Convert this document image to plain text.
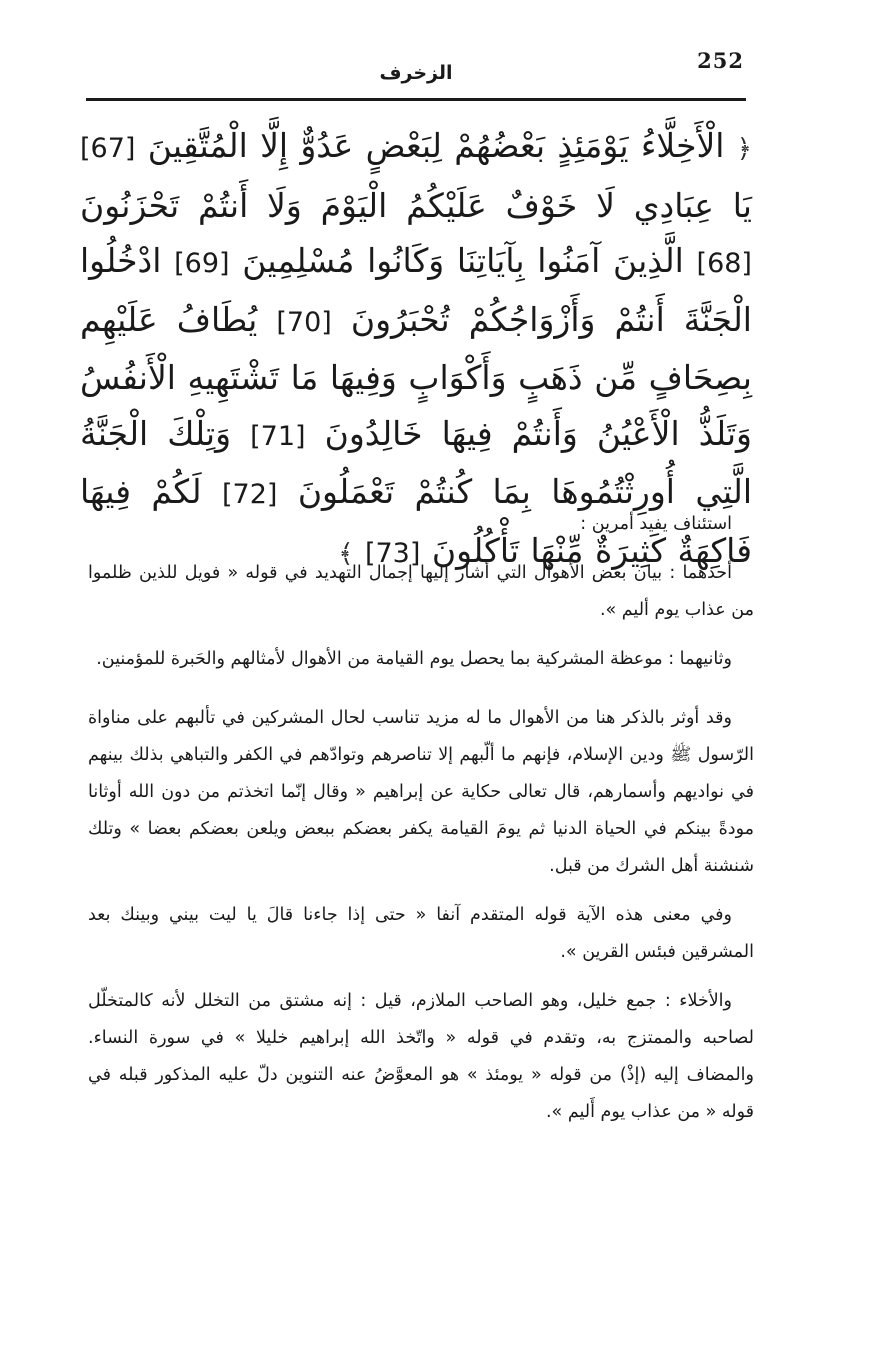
252
الزخرف
﴿ الْأَخِلَّاءُ يَوْمَئِذٍ بَعْضُهُمْ لِبَعْضٍ عَدُوٌّ إِلَّا الْمُتَّقِينَ [67] يَا عِبَادِي لَا خَوْفٌ عَلَيْكُمُ الْيَوْمَ وَلَا أَنتُمْ تَحْزَنُونَ [68] الَّذِينَ آمَنُوا بِآيَاتِنَا وَكَانُوا مُسْلِمِينَ [69] ادْخُلُوا الْجَنَّةَ أَنتُمْ وَأَزْوَاجُكُمْ تُحْبَرُونَ [70] يُطَافُ عَلَيْهِم بِصِحَافٍ مِّن ذَهَبٍ وَأَكْوَابٍ وَفِيهَا مَا تَشْتَهِيهِ الْأَنفُسُ وَتَلَذُّ الْأَعْيُنُ وَأَنتُمْ فِيهَا خَالِدُونَ [71] وَتِلْكَ الْجَنَّةُ الَّتِي أُورِثْتُمُوهَا بِمَا كُنتُمْ تَعْمَلُونَ [72] لَكُمْ فِيهَا فَاكِهَةٌ كَثِيرَةٌ مِّنْهَا تَأْكُلُونَ [73] ﴾

استئناف يفيد أمرين :

أحدهما : بيان بعض الأهوال التي أشار إليها إجمال التهديد في قوله « فويل للذين ظلموا من عذاب يوم أليم ».

وثانيهما : موعظة المشركية بما يحصل يوم القيامة من الأهوال لأمثالهم والحَبرة للمؤمنين.

وقد أوثر بالذكر هنا من الأهوال ما له مزيد تناسب لحال المشركين في تألبهم على مناواة الرّسول ﷺ ودين الإسلام، فإنهم ما ألّبهم إلا تناصرهم وتوادّهم في الكفر والتباهي بذلك بينهم في نواديهم وأسمارهم، قال تعالى حكاية عن إبراهيم « وقال إنّما اتخذتم من دون الله أوثانا مودةً بينكم في الحياة الدنيا ثم يومَ القيامة يكفر بعضكم ببعض ويلعن بعضكم بعضا » وتلك شنشنة أهل الشرك من قبل.

وفي معنى هذه الآية قوله المتقدم آنفا « حتى إذا جاءنا قالَ يا ليت بيني وبينك بعد المشرقين فبئس القرين ».

والأخلاء : جمع خليل، وهو الصاحب الملازم، قيل : إنه مشتق من التخلل لأنه كالمتخلّل لصاحبه والممتزج به، وتقدم في قوله « واتّخذ الله إبراهيم خليلا » في سورة النساء. والمضاف إليه (إذْ) من قوله « يومئذ » هو المعوَّضُ عنه التنوين دلّ عليه المذكور قبله في قوله « من عذاب يوم أَليم ».
